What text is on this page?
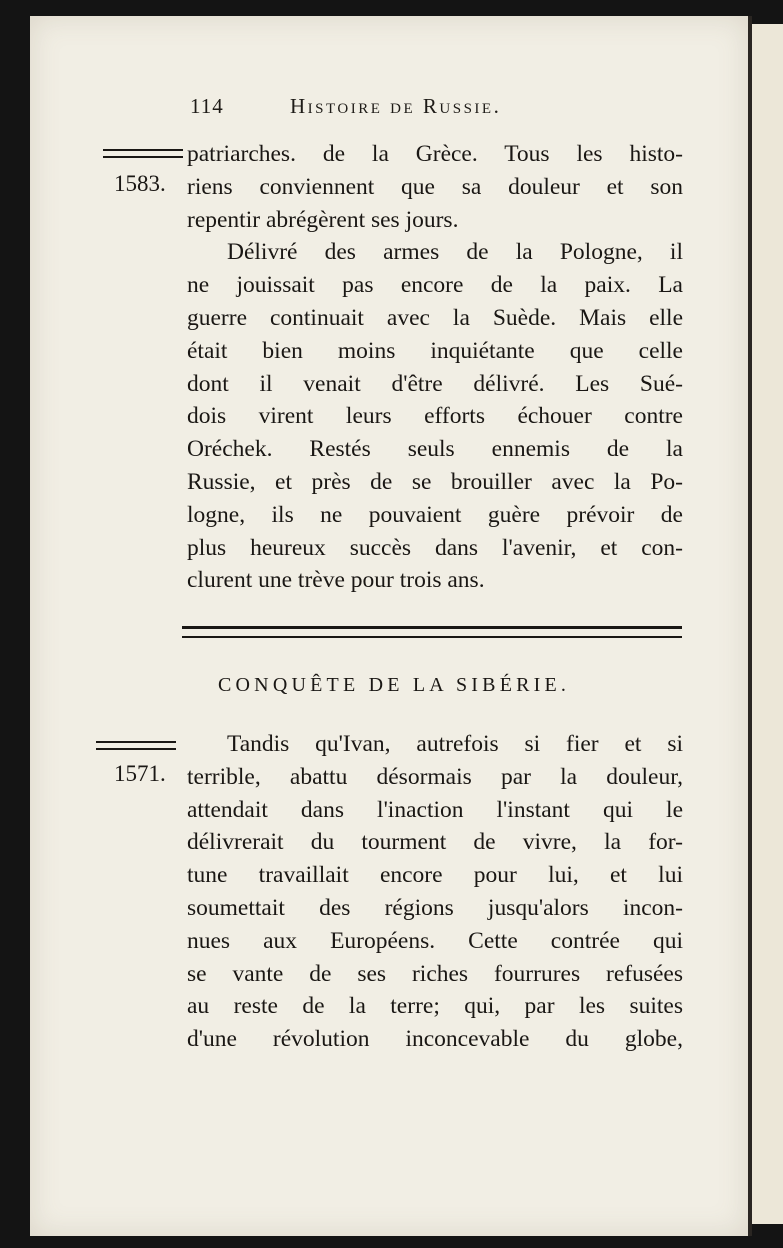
114	Histoire de Russie.
1583.
patriarches. de la Grèce. Tous les histo-
riens conviennent que sa douleur et son
repentir abrégèrent ses jours.
Délivré des armes de la Pologne, il
ne jouissait pas encore de la paix. La
guerre continuait avec la Suède. Mais elle
était bien moins inquiétante que celle
dont il venait d'être délivré. Les Sué-
dois virent leurs efforts échouer contre
Oréchek. Restés seuls ennemis de la
Russie, et près de se brouiller avec la Po-
logne, ils ne pouvaient guère prévoir de
plus heureux succès dans l'avenir, et con-
clurent une trève pour trois ans.
CONQUÊTE DE LA SIBÉRIE.
1571.
Tandis qu'Ivan, autrefois si fier et si
terrible, abattu désormais par la douleur,
attendait dans l'inaction l'instant qui le
délivrerait du tourment de vivre, la for-
tune travaillait encore pour lui, et lui
soumettait des régions jusqu'alors incon-
nues aux Européens. Cette contrée qui
se vante de ses riches fourrures refusées
au reste de la terre; qui, par les suites
d'une révolution inconcevable du globe,
